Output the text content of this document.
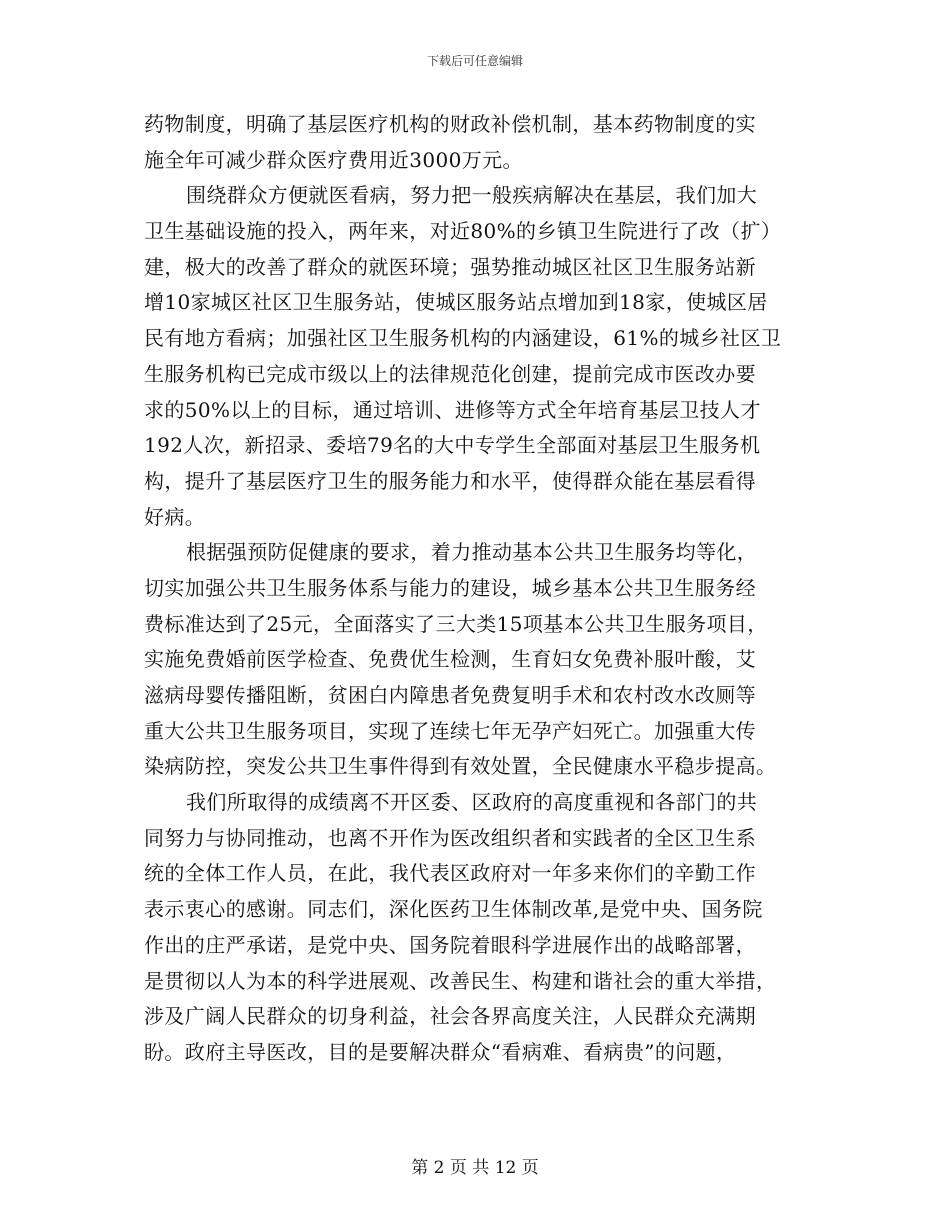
下载后可任意编辑
药物制度，明确了基层医疗机构的财政补偿机制，基本药物制度的实
施全年可减少群众医疗费用近3000万元。
围绕群众方便就医看病，努力把一般疾病解决在基层，我们加大
卫生基础设施的投入，两年来，对近80%的乡镇卫生院进行了改（扩）
建，极大的改善了群众的就医环境；强势推动城区社区卫生服务站新
增10家城区社区卫生服务站，使城区服务站点增加到18家，使城区居
民有地方看病；加强社区卫生服务机构的内涵建设，61%的城乡社区卫
生服务机构已完成市级以上的法律规范化创建，提前完成市医改办要
求的50%以上的目标，通过培训、进修等方式全年培育基层卫技人才
192人次，新招录、委培79名的大中专学生全部面对基层卫生服务机
构，提升了基层医疗卫生的服务能力和水平，使得群众能在基层看得
好病。
根据强预防促健康的要求，着力推动基本公共卫生服务均等化，
切实加强公共卫生服务体系与能力的建设，城乡基本公共卫生服务经
费标准达到了25元，全面落实了三大类15项基本公共卫生服务项目，
实施免费婚前医学检查、免费优生检测，生育妇女免费补服叶酸，艾
滋病母婴传播阻断，贫困白内障患者免费复明手术和农村改水改厕等
重大公共卫生服务项目，实现了连续七年无孕产妇死亡。加强重大传
染病防控，突发公共卫生事件得到有效处置，全民健康水平稳步提高。
我们所取得的成绩离不开区委、区政府的高度重视和各部门的共
同努力与协同推动，也离不开作为医改组织者和实践者的全区卫生系
统的全体工作人员，在此，我代表区政府对一年多来你们的辛勤工作
表示衷心的感谢。同志们，深化医药卫生体制改革,是党中央、国务院
作出的庄严承诺，是党中央、国务院着眼科学进展作出的战略部署，
是贯彻以人为本的科学进展观、改善民生、构建和谐社会的重大举措，
涉及广阔人民群众的切身利益，社会各界高度关注，人民群众充满期
盼。政府主导医改，目的是要解决群众“看病难、看病贵”的问题，
第 2 页 共 12 页
